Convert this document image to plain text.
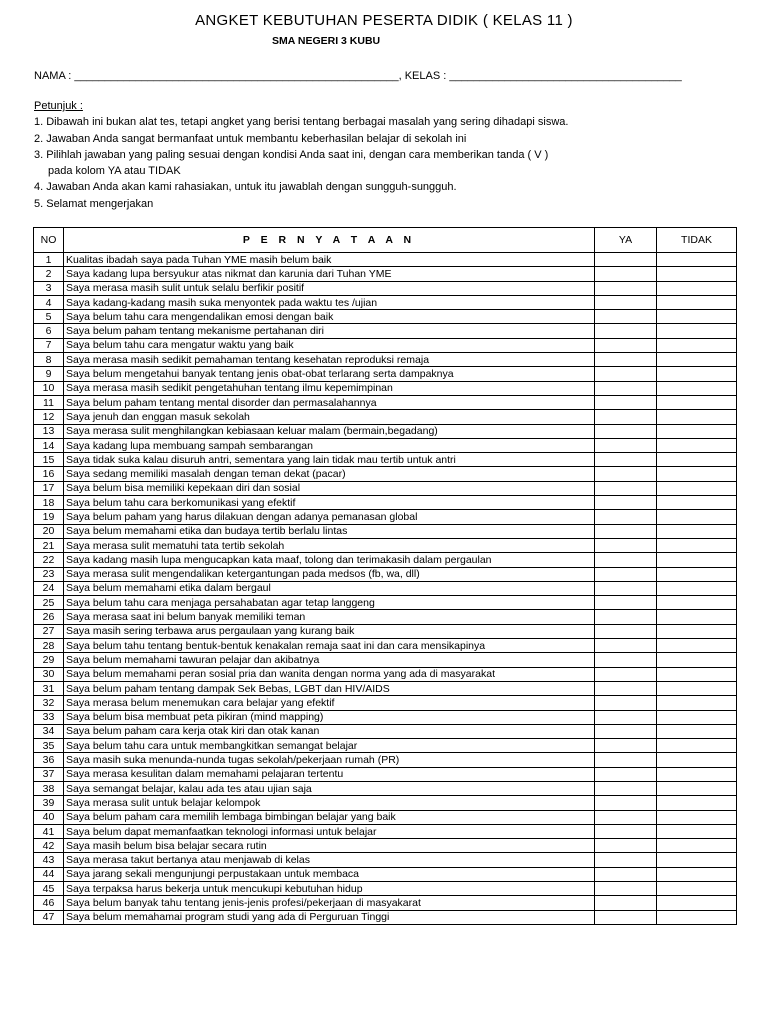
ANGKET KEBUTUHAN PESERTA DIDIK ( KELAS 11 )
SMA NEGERI 3 KUBU
NAMA : _____________________________________________________, KELAS : ______________________________________
Petunjuk :
1. Dibawah ini bukan alat tes, tetapi angket yang berisi tentang berbagai masalah yang sering dihadapi siswa.
2. Jawaban Anda sangat bermanfaat untuk membantu keberhasilan belajar di sekolah ini
3. Pilihlah jawaban yang paling sesuai dengan kondisi Anda saat ini, dengan cara memberikan tanda ( V )
pada kolom YA atau TIDAK
4. Jawaban Anda akan kami rahasiakan, untuk itu jawablah dengan sungguh-sungguh.
5. Selamat mengerjakan
NO	P E R N Y A T A A N	YA	TIDAK
1	Kualitas ibadah saya pada Tuhan YME masih belum baik		
2	Saya kadang lupa bersyukur atas nikmat dan karunia dari Tuhan YME		
3	Saya merasa masih sulit untuk selalu berfikir positif		
4	Saya kadang-kadang masih suka menyontek pada waktu tes /ujian		
5	Saya belum tahu cara mengendalikan emosi dengan baik		
6	Saya belum paham tentang mekanisme pertahanan diri		
7	Saya belum tahu cara mengatur waktu yang baik		
8	Saya merasa masih sedikit pemahaman tentang kesehatan reproduksi remaja		
9	Saya belum mengetahui banyak tentang jenis obat-obat terlarang serta dampaknya		
10	Saya merasa masih sedikit pengetahuhan tentang ilmu kepemimpinan		
11	Saya belum paham tentang mental disorder dan permasalahannya		
12	Saya jenuh dan enggan masuk sekolah		
13	Saya merasa sulit menghilangkan kebiasaan keluar malam (bermain,begadang)		
14	Saya kadang lupa membuang sampah sembarangan		
15	Saya tidak suka kalau disuruh antri, sementara yang lain tidak mau tertib untuk antri		
16	Saya sedang memiliki masalah dengan teman dekat (pacar)		
17	Saya belum bisa memiliki kepekaan diri dan sosial		
18	Saya belum tahu cara berkomunikasi yang efektif		
19	Saya belum paham yang harus dilakuan dengan adanya pemanasan global		
20	Saya belum memahami etika dan budaya tertib berlalu lintas		
21	Saya merasa sulit mematuhi tata tertib sekolah		
22	Saya kadang masih lupa mengucapkan kata maaf, tolong dan terimakasih dalam pergaulan		
23	Saya merasa sulit mengendalikan ketergantungan pada medsos (fb, wa, dll)		
24	Saya belum memahami etika dalam bergaul		
25	Saya belum tahu cara menjaga persahabatan agar tetap langgeng		
26	Saya merasa saat ini belum banyak memiliki teman		
27	Saya masih sering terbawa arus pergaulaan yang kurang baik		
28	Saya belum tahu tentang bentuk-bentuk kenakalan remaja saat ini dan cara mensikapinya		
29	Saya belum memahami tawuran pelajar dan akibatnya		
30	Saya belum memahami peran sosial pria dan wanita dengan norma yang ada di masyarakat		
31	Saya belum paham tentang dampak Sek Bebas, LGBT dan HIV/AIDS		
32	Saya merasa belum menemukan cara belajar yang efektif		
33	Saya belum bisa membuat peta pikiran (mind mapping)		
34	Saya belum paham cara kerja otak kiri dan otak kanan		
35	Saya belum tahu cara untuk membangkitkan semangat belajar		
36	Saya masih suka menunda-nunda tugas sekolah/pekerjaan rumah (PR)		
37	Saya merasa kesulitan dalam memahami pelajaran tertentu		
38	Saya semangat belajar, kalau ada tes atau ujian saja		
39	Saya merasa sulit untuk belajar kelompok		
40	Saya belum paham cara memilih lembaga bimbingan belajar yang baik		
41	Saya belum dapat memanfaatkan teknologi informasi untuk belajar		
42	Saya masih belum bisa belajar secara rutin		
43	Saya merasa takut bertanya atau menjawab di kelas		
44	Saya jarang sekali mengunjungi perpustakaan untuk membaca		
45	Saya terpaksa harus bekerja untuk mencukupi kebutuhan hidup		
46	Saya belum banyak tahu tentang jenis-jenis profesi/pekerjaan di masyakarat		
47	Saya belum memahamai program studi yang ada di Perguruan Tinggi		
